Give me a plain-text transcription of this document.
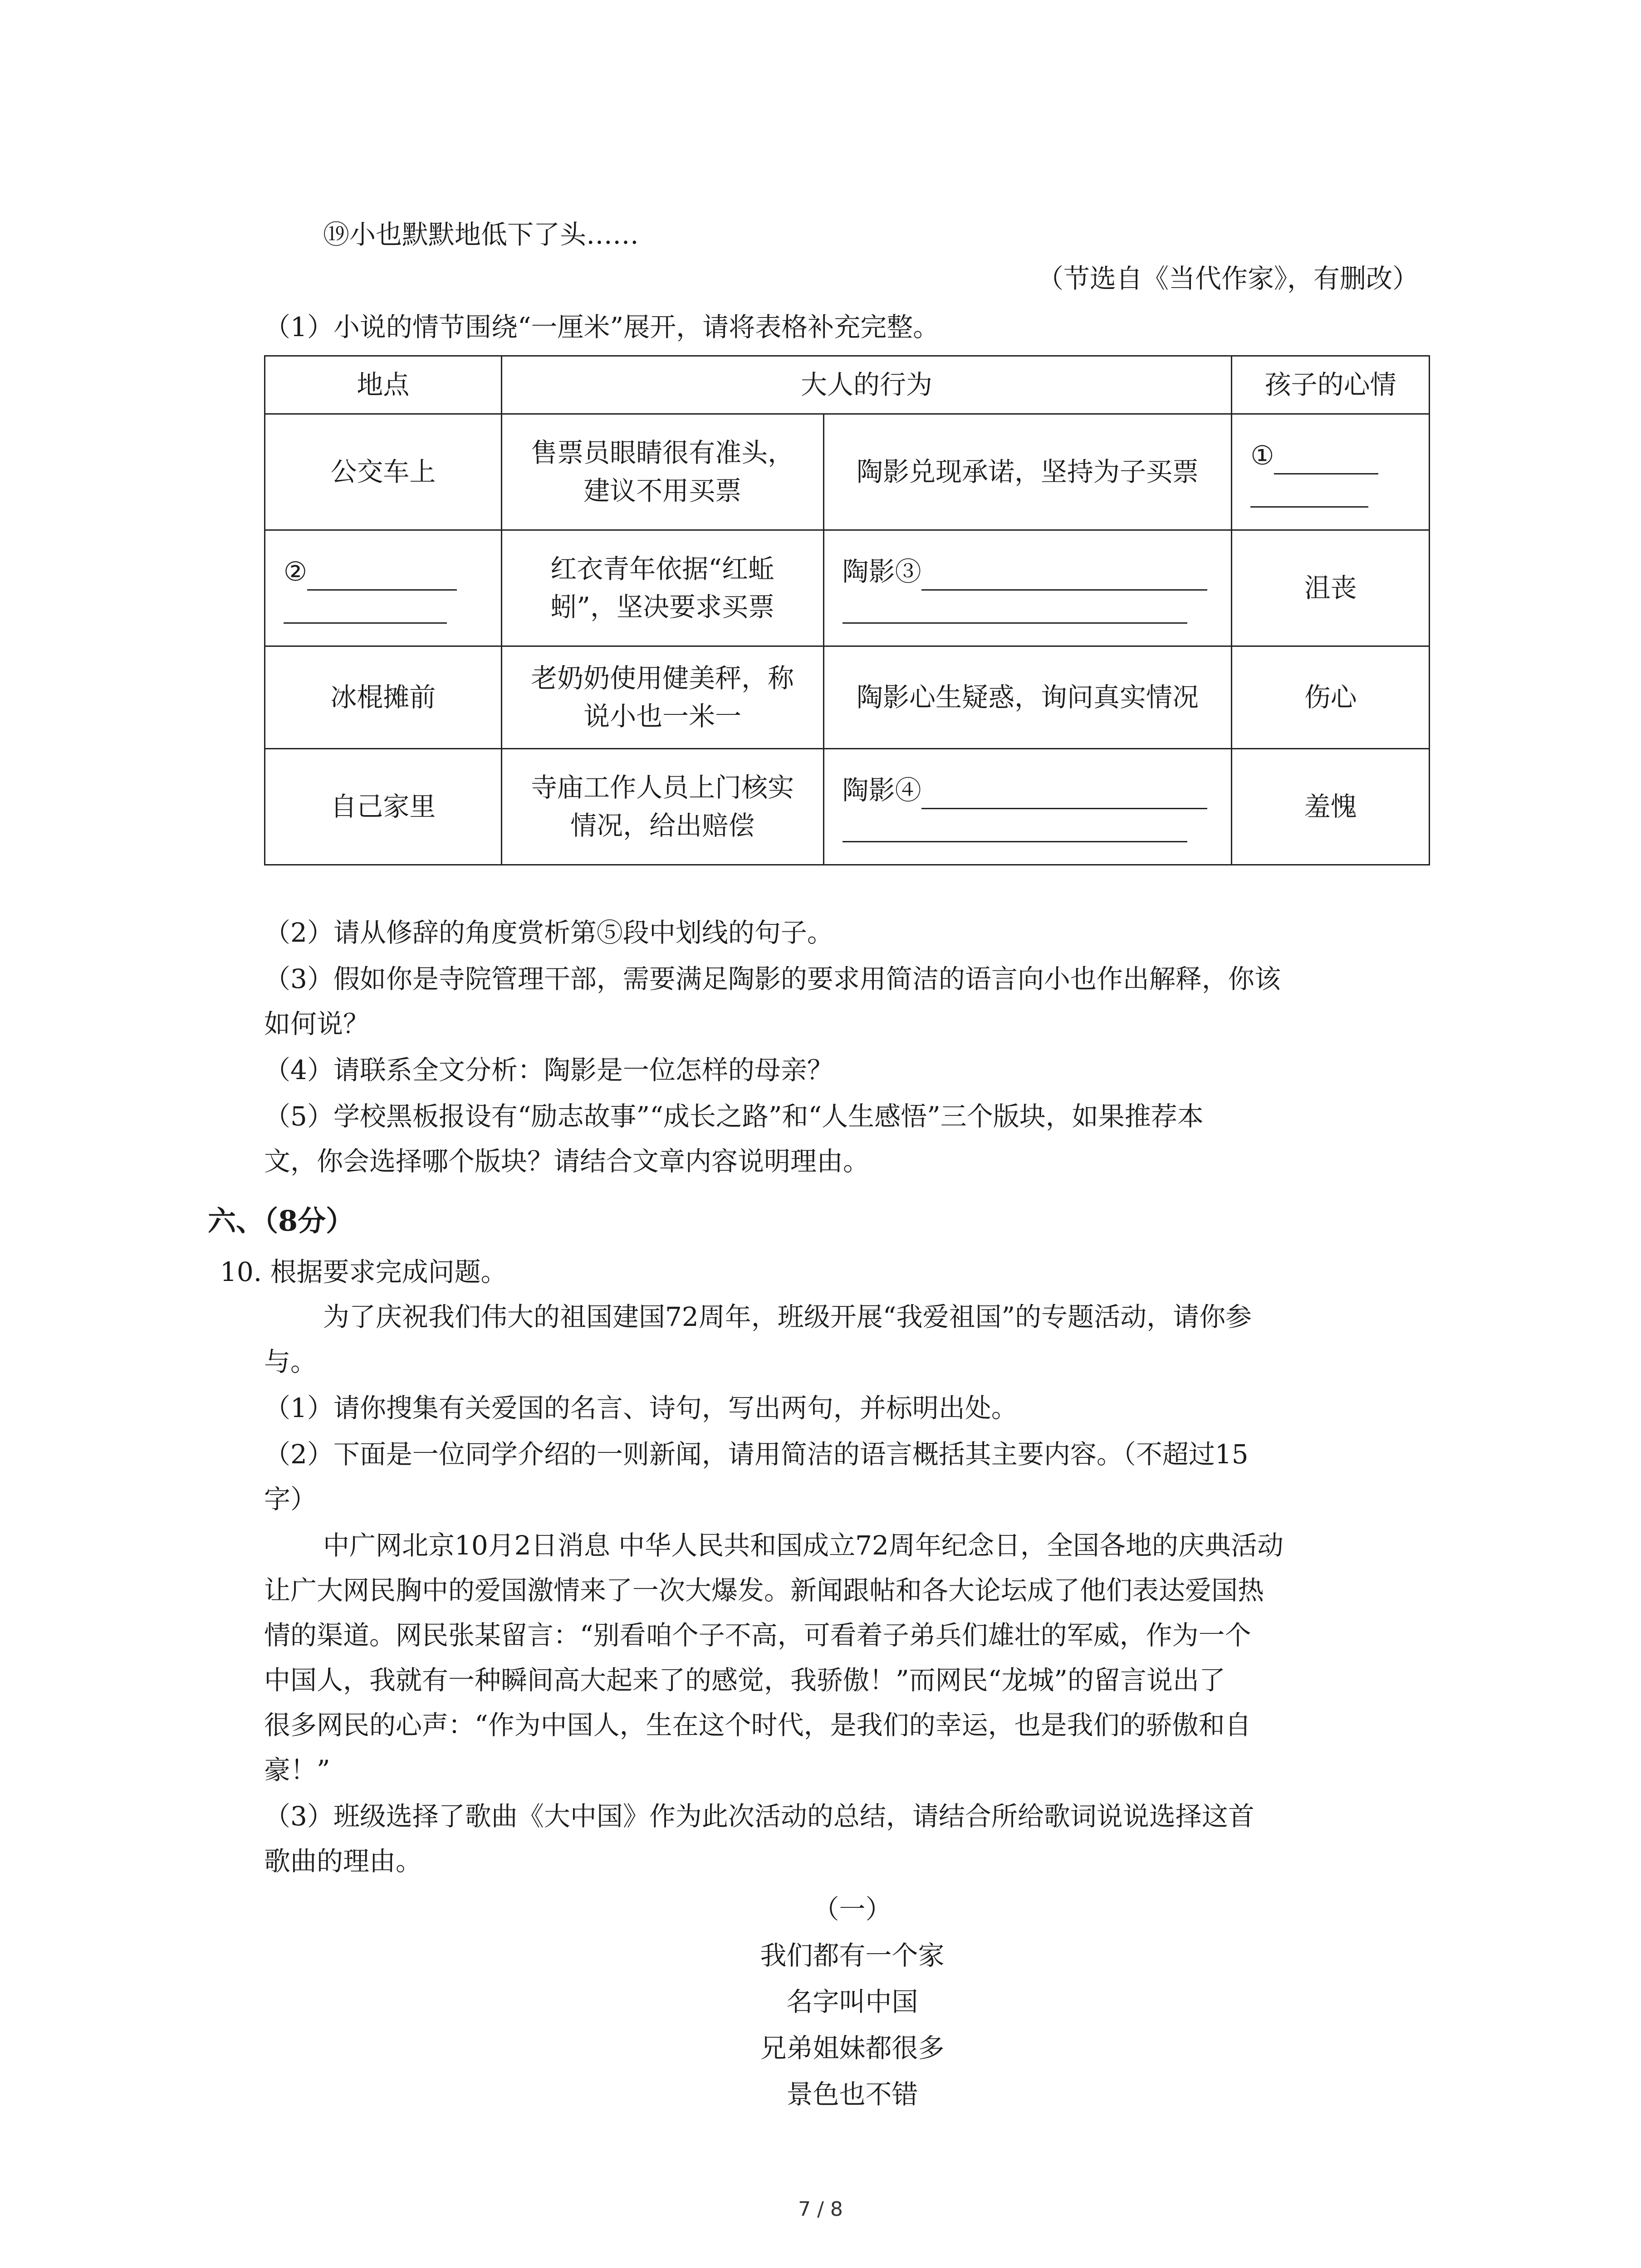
⑲小也默默地低下了头……
（节选自《当代作家》，有删改）
（1）小说的情节围绕“一厘米”展开，请将表格补充完整。
地点	大人的行为		孩子的心情
公交车上	售票员眼睛很有准头，建议不用买票	陶影兑现承诺，坚持为子买票	①

②	红衣青年依据“红蚯蚓”，坚决要求买票	陶影③	沮丧
冰棍摊前	老奶奶使用健美秤，称说小也一米一	陶影心生疑惑，询问真实情况	伤心
自己家里	寺庙工作人员上门核实情况，给出赔偿	陶影④	羞愧
（2）请从修辞的角度赏析第⑤段中划线的句子。
（3）假如你是寺院管理干部，需要满足陶影的要求用简洁的语言向小也作出解释，你该
如何说？
（4）请联系全文分析：陶影是一位怎样的母亲？
（5）学校黑板报设有“励志故事”“成长之路”和“人生感悟”三个版块，如果推荐本
文，你会选择哪个版块？请结合文章内容说明理由。
六、（8分）
10. 根据要求完成问题。
为了庆祝我们伟大的祖国建国72周年，班级开展“我爱祖国”的专题活动，请你参
与。
（1）请你搜集有关爱国的名言、诗句，写出两句，并标明出处。
（2）下面是一位同学介绍的一则新闻，请用简洁的语言概括其主要内容。（不超过15
字）
中广网北京10月2日消息 中华人民共和国成立72周年纪念日，全国各地的庆典活动
让广大网民胸中的爱国激情来了一次大爆发。新闻跟帖和各大论坛成了他们表达爱国热
情的渠道。网民张某留言：“别看咱个子不高，可看着子弟兵们雄壮的军威，作为一个
中国人，我就有一种瞬间高大起来了的感觉，我骄傲！”而网民“龙城”的留言说出了
很多网民的心声：“作为中国人，生在这个时代，是我们的幸运，也是我们的骄傲和自
豪！”
（3）班级选择了歌曲《大中国》作为此次活动的总结，请结合所给歌词说说选择这首
歌曲的理由。
（一）
我们都有一个家
名字叫中国
兄弟姐妹都很多
景色也不错
7 / 8
